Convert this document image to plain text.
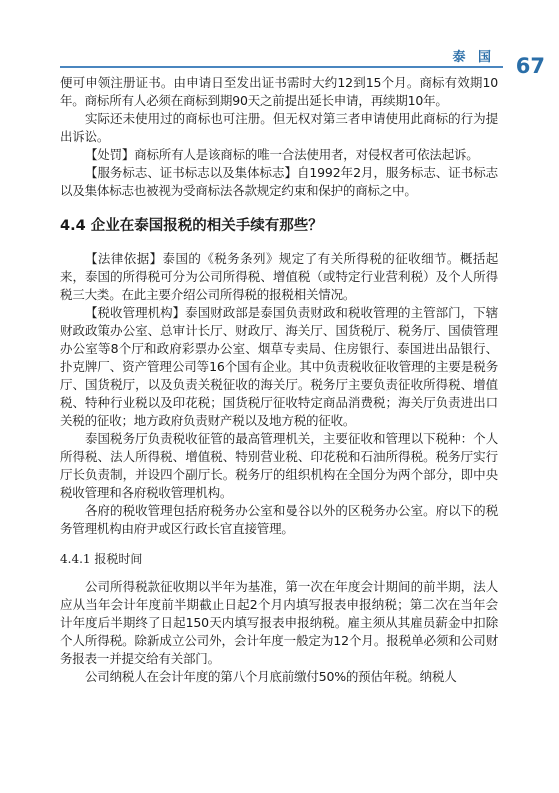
泰 国 67

便可申领注册证书。由申请日至发出证书需时大约12到15个月。商标有效期10年。商标所有人必须在商标到期90天之前提出延长申请，再续期10年。

实际还未使用过的商标也可注册。但无权对第三者申请使用此商标的行为提出诉讼。

【处罚】商标所有人是该商标的唯一合法使用者，对侵权者可依法起诉。

【服务标志、证书标志以及集体标志】自1992年2月，服务标志、证书标志以及集体标志也被视为受商标法各款规定约束和保护的商标之中。

4.4 企业在泰国报税的相关手续有那些？

【法律依据】泰国的《税务条列》规定了有关所得税的征收细节。概括起来，泰国的所得税可分为公司所得税、增值税（或特定行业营利税）及个人所得税三大类。在此主要介绍公司所得税的报税相关情况。

【税收管理机构】泰国财政部是泰国负责财政和税收管理的主管部门，下辖财政政策办公室、总审计长厅、财政厅、海关厅、国货税厅、税务厅、国债管理办公室等8个厅和政府彩票办公室、烟草专卖局、住房银行、泰国进出品银行、扑克牌厂、资产管理公司等16个国有企业。其中负责税收征收管理的主要是税务厅、国货税厅，以及负责关税征收的海关厅。税务厅主要负责征收所得税、增值税、特种行业税以及印花税；国货税厅征收特定商品消费税；海关厅负责进出口关税的征收；地方政府负责财产税以及地方税的征收。

泰国税务厅负责税收征管的最高管理机关，主要征收和管理以下税种：个人所得税、法人所得税、增值税、特别营业税、印花税和石油所得税。税务厅实行厅长负责制，并设四个副厅长。税务厅的组织机构在全国分为两个部分，即中央税收管理和各府税收管理机构。

各府的税收管理包括府税务办公室和曼谷以外的区税务办公室。府以下的税务管理机构由府尹或区行政长官直接管理。

4.4.1 报税时间

公司所得税款征收期以半年为基准，第一次在年度会计期间的前半期，法人应从当年会计年度前半期截止日起2个月内填写报表申报纳税；第二次在当年会计年度后半期终了日起150天内填写报表申报纳税。雇主须从其雇员薪金中扣除个人所得税。除新成立公司外，会计年度一般定为12个月。报税单必须和公司财务报表一并提交给有关部门。

公司纳税人在会计年度的第八个月底前缴付50%的预估年税。纳税人
